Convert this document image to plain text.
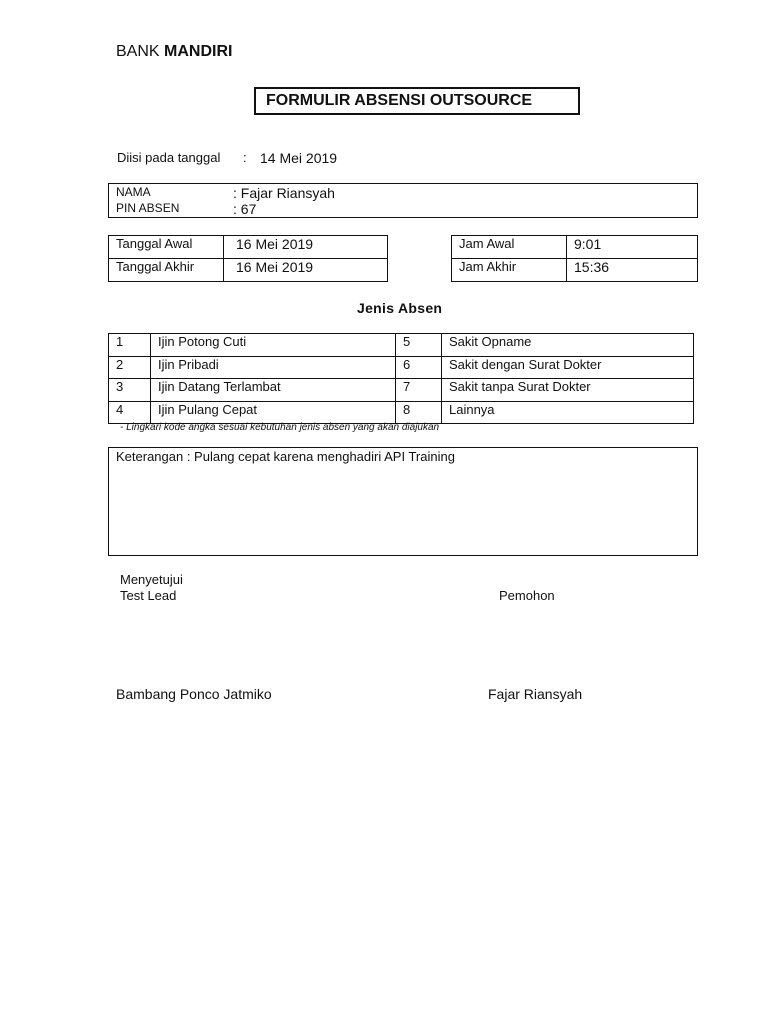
BANK MANDIRI
FORMULIR ABSENSI OUTSOURCE
Diisi pada tanggal : 14 Mei 2019
NAMA	: Fajar Riansyah
PIN ABSEN	: 67
Tanggal Awal	16 Mei 2019
Tanggal Akhir	16 Mei 2019
Jam Awal	9:01
Jam Akhir	15:36
Jenis Absen
1	Ijin Potong Cuti	5	Sakit Opname
2	Ijin Pribadi	6	Sakit dengan Surat Dokter
3	Ijin Datang Terlambat	7	Sakit tanpa Surat Dokter
4	Ijin Pulang Cepat	8	Lainnya
- Lingkari kode angka sesuai kebutuhan jenis absen yang akan diajukan
Keterangan : Pulang cepat karena menghadiri API Training
Menyetujui
Test Lead	Pemohon
Bambang Ponco Jatmiko	Fajar Riansyah
